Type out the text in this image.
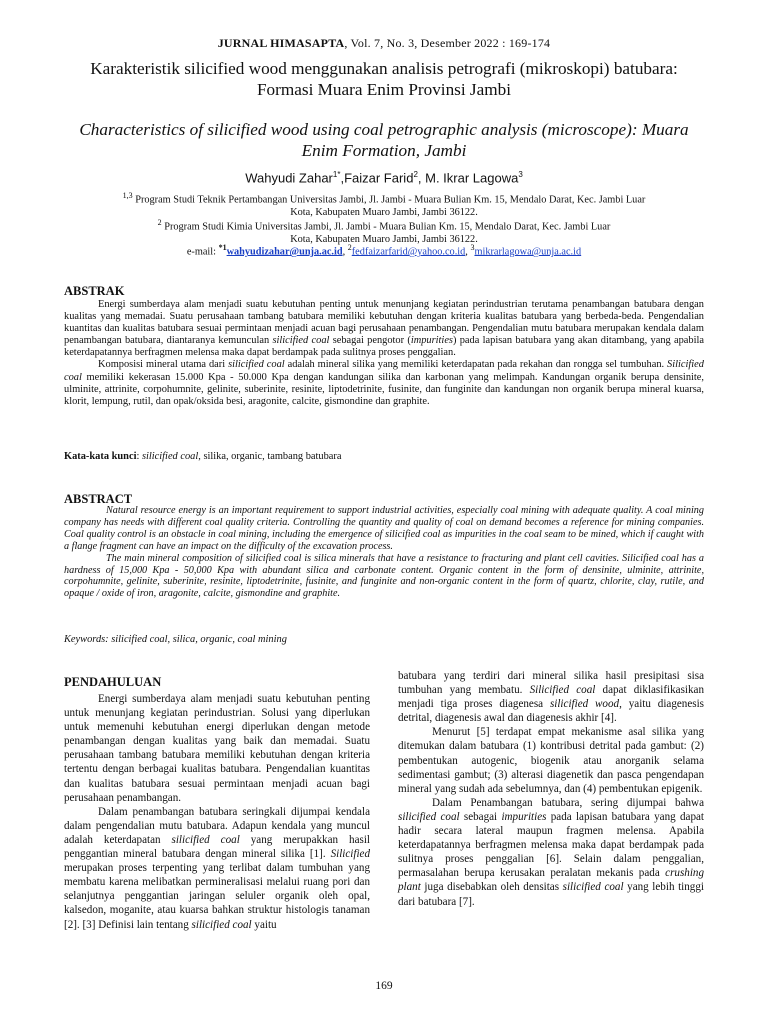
JURNAL HIMASAPTA, Vol. 7, No. 3, Desember 2022 : 169-174
Karakteristik silicified wood menggunakan analisis petrografi (mikroskopi) batubara: Formasi Muara Enim Provinsi Jambi
Characteristics of silicified wood using coal petrographic analysis (microscope): Muara Enim Formation, Jambi
Wahyudi Zahar$^{1*}$,Faizar Farid$^2$, M. Ikrar Lagowa$^3$
$^{1,3}$ Program Studi Teknik Pertambangan Universitas Jambi, Jl. Jambi - Muara Bulian Km. 15, Mendalo Darat, Kec. Jambi Luar
Kota, Kabupaten Muaro Jambi, Jambi 36122.
$^2$ Program Studi Kimia Universitas Jambi, Jl. Jambi - Muara Bulian Km. 15, Mendalo Darat, Kec. Jambi Luar
Kota, Kabupaten Muaro Jambi, Jambi 36122.
e-mail: $^{*1}$wahyudizahar@unja.ac.id, $^2$fedfaizarfarid@yahoo.co.id, $^3$mikrarlagowa@unja.ac.id
ABSTRAK

Energi sumberdaya alam menjadi suatu kebutuhan penting untuk menunjang kegiatan perindustrian terutama penambangan batubara dengan kualitas yang memadai. Suatu perusahaan tambang batubara memiliki kebutuhan dengan kriteria kualitas batubara yang berbeda-beda. Pengendalian kuantitas dan kualitas batubara sesuai permintaan menjadi acuan bagi perusahaan penambangan. Pengendalian mutu batubara merupakan kendala dalam penambangan batubara, diantaranya kemunculan silicified coal sebagai pengotor (impurities) pada lapisan batubara yang akan ditambang, yang apabila keterdapatannya berfragmen melensa maka dapat berdampak pada sulitnya proses penggalian.

Komposisi mineral utama dari silicified coal adalah mineral silika yang memiliki keterdapatan pada rekahan dan rongga sel tumbuhan. Silicified coal memiliki kekerasan 15.000 Kpa - 50.000 Kpa dengan kandungan silika dan karbonan yang melimpah. Kandungan organik berupa densinite, ulminite, attrinite, corpohumnite, gelinite, suberinite, resinite, liptodetrinite, fusinite, dan funginite dan kandungan non organik berupa mineral kuarsa, klorit, lempung, rutil, dan opak/oksida besi, aragonite, calcite, gismondine dan graphite.

Kata-kata kunci: silicified coal, silika, organic, tambang batubara
ABSTRACT

Natural resource energy is an important requirement to support industrial activities, especially coal mining with adequate quality. A coal mining company has needs with different coal quality criteria. Controlling the quantity and quality of coal on demand becomes a reference for mining companies. Coal quality control is an obstacle in coal mining, including the emergence of silicified coal as impurities in the coal seam to be mined, which if caught with a flange fragment can have an impact on the difficulty of the excavation process.

The main mineral composition of silicified coal is silica minerals that have a resistance to fracturing and plant cell cavities. Silicified coal has a hardness of 15,000 Kpa - 50,000 Kpa with abundant silica and carbonate content. Organic content in the form of densinite, ulminite, attrinite, corpohumnite, gelinite, suberinite, resinite, liptodetrinite, fusinite, and funginite and non-organic content in the form of quartz, chlorite, clay, rutile, and opaque / oxide of iron, aragonite, calcite, gismondine and graphite.

Keywords: silicified coal, silica, organic, coal mining
PENDAHULUAN

Energi sumberdaya alam menjadi suatu kebutuhan penting untuk menunjang kegiatan perindustrian. Solusi yang diperlukan untuk memenuhi kebutuhan energi diperlukan dengan metode penambangan dengan kualitas yang baik dan memadai. Suatu perusahaan tambang batubara memiliki kebutuhan dengan kriteria tertentu dengan berbagai kualitas batubara. Pengendalian kuantitas dan kualitas batubara sesuai permintaan menjadi acuan bagi perusahaan penambangan.

Dalam penambangan batubara seringkali dijumpai kendala dalam pengendalian mutu batubara. Adapun kendala yang muncul adalah keterdapatan silicified coal yang merupakkan hasil penggantian mineral batubara dengan mineral silika [1]. Silicified merupakan proses terpenting yang terlibat dalam tumbuhan yang membatu karena melibatkan permineralisasi melalui ruang pori dan selanjutnya penggantian jaringan seluler organik oleh opal, kalsedon, moganite, atau kuarsa bahkan struktur histologis tanaman [2]. [3] Definisi lain tentang silicified coal yaitu

batubara yang terdiri dari mineral silika hasil presipitasi sisa tumbuhan yang membatu. Silicified coal dapat diklasifikasikan menjadi tiga proses diagenesa silicified wood, yaitu diagenesis detrital, diagenesis awal dan diagenesis akhir [4].

Menurut [5] terdapat empat mekanisme asal silika yang ditemukan dalam batubara (1) kontribusi detrital pada gambut: (2) pembentukan autogenic, biogenik atau anorganik selama sedimentasi gambut; (3) alterasi diagenetik dan pasca pengendapan mineral yang sudah ada sebelumnya, dan (4) pembentukan epigenik.

Dalam Penambangan batubara, sering dijumpai bahwa silicified coal sebagai impurities pada lapisan batubara yang dapat hadir secara lateral maupun fragmen melensa. Apabila keterdapatannya berfragmen melensa maka dapat berdampak pada sulitnya proses penggalian [6]. Selain dalam penggalian, permasalahan berupa kerusakan peralatan mekanis pada crushing plant juga disebabkan oleh densitas silicified coal yang lebih tinggi dari batubara [7].

169
